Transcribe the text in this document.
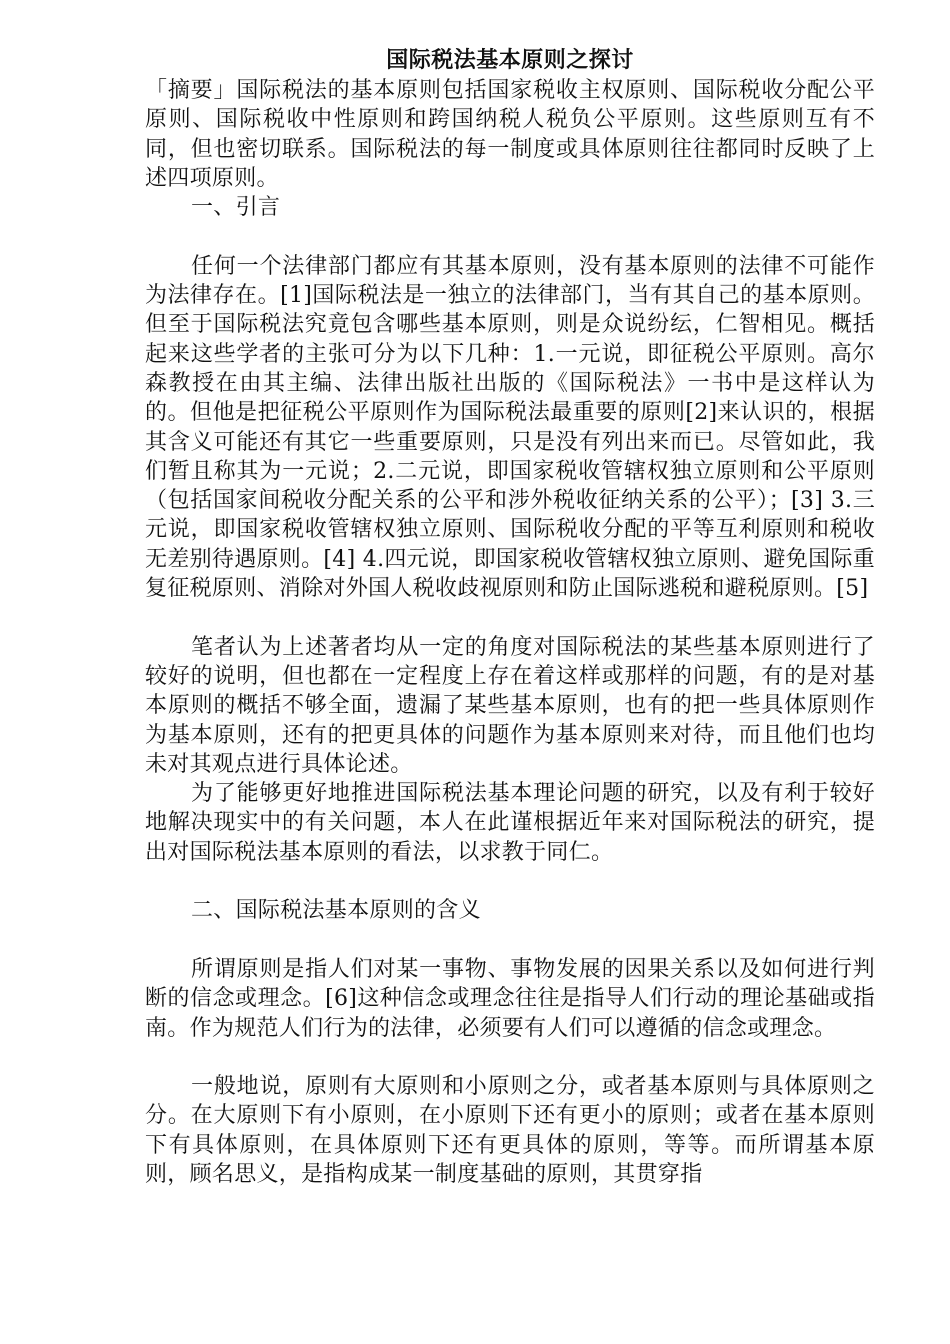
国际税法基本原则之探讨

「摘要」国际税法的基本原则包括国家税收主权原则、国际税收分配公平原则、国际税收中性原则和跨国纳税人税负公平原则。这些原则互有不同，但也密切联系。国际税法的每一制度或具体原则往往都同时反映了上述四项原则。

一、引言

任何一个法律部门都应有其基本原则，没有基本原则的法律不可能作为法律存在。[1]国际税法是一独立的法律部门，当有其自己的基本原则。但至于国际税法究竟包含哪些基本原则，则是众说纷纭，仁智相见。概括起来这些学者的主张可分为以下几种：1.一元说，即征税公平原则。高尔森教授在由其主编、法律出版社出版的《国际税法》一书中是这样认为的。但他是把征税公平原则作为国际税法最重要的原则[2]来认识的，根据其含义可能还有其它一些重要原则，只是没有列出来而已。尽管如此，我们暂且称其为一元说；2.二元说，即国家税收管辖权独立原则和公平原则（包括国家间税收分配关系的公平和涉外税收征纳关系的公平）；[3] 3.三元说，即国家税收管辖权独立原则、国际税收分配的平等互利原则和税收无差别待遇原则。[4] 4.四元说，即国家税收管辖权独立原则、避免国际重复征税原则、消除对外国人税收歧视原则和防止国际逃税和避税原则。[5]

笔者认为上述著者均从一定的角度对国际税法的某些基本原则进行了较好的说明，但也都在一定程度上存在着这样或那样的问题，有的是对基本原则的概括不够全面，遗漏了某些基本原则，也有的把一些具体原则作为基本原则，还有的把更具体的问题作为基本原则来对待，而且他们也均未对其观点进行具体论述。

为了能够更好地推进国际税法基本理论问题的研究，以及有利于较好地解决现实中的有关问题，本人在此谨根据近年来对国际税法的研究，提出对国际税法基本原则的看法，以求教于同仁。

二、国际税法基本原则的含义

所谓原则是指人们对某一事物、事物发展的因果关系以及如何进行判断的信念或理念。[6]这种信念或理念往往是指导人们行动的理论基础或指南。作为规范人们行为的法律，必须要有人们可以遵循的信念或理念。

一般地说，原则有大原则和小原则之分，或者基本原则与具体原则之分。在大原则下有小原则，在小原则下还有更小的原则；或者在基本原则下有具体原则，在具体原则下还有更具体的原则，等等。而所谓基本原则，顾名思义，是指构成某一制度基础的原则，其贯穿指
